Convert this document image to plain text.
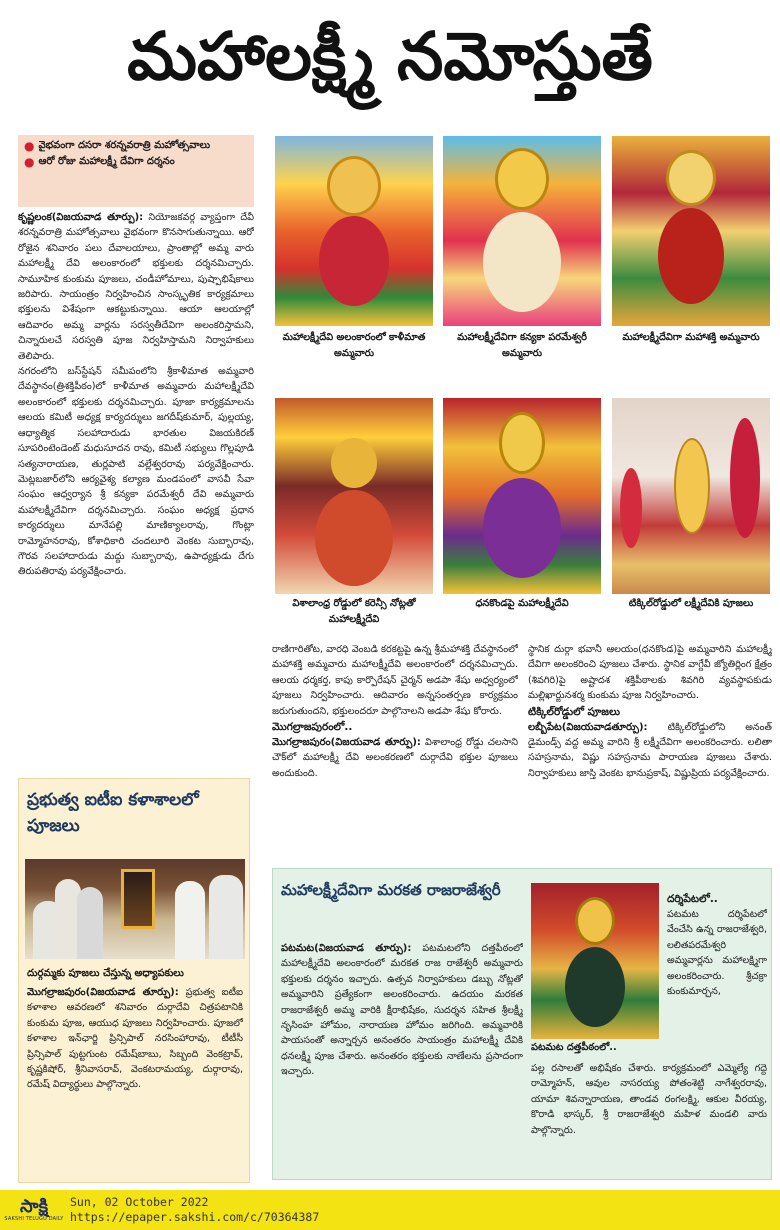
మహాలక్ష్మీ నమోస్తుతే
● వైభవంగా దసరా శరన్నవరాత్రి మహోత్సవాలు
● ఆరో రోజు మహాలక్ష్మీ దేవిగా దర్శనం

కృష్ణలంక(విజయవాడ తూర్పు): నియోజకవర్గ వ్యాప్తంగా దేవీ శరన్నవరాత్రి మహోత్సవాలు వైభవంగా కొనసాగుతున్నాయి. ఆరో రోజైన శనివారం పలు దేవాలయాలు, ప్రాంతాల్లో అమ్మ వారు మహాలక్ష్మీ దేవి అలంకారంలో భక్తులకు దర్శనమిచ్చారు. సామూహిక కుంకుమ పూజలు, చండీహోమాలు, పుష్పాభిషేకాలు జరిపారు. సాయంత్రం నిర్వహించిన సాంస్కృతిక కార్యక్రమాలు భక్తులను విశేషంగా ఆకట్టుకున్నాయి. ఆయా ఆలయాల్లో ఆదివారం అమ్మ వార్లను సరస్వతీదేవిగా అలంకరిస్తామని, చిన్నారులచే సరస్వతి పూజ నిర్వహిస్తామని నిర్వాహకులు తెలిపారు.

నగరంలోని బస్‌స్టేషన్ సమీపంలోని శ్రీకాళీమాత అమ్మవారి దేవస్థానం(త్రిశక్తిపీఠం)లో కాళీమాత అమ్మవారు మహాలక్ష్మీదేవి అలంకారంలో భక్తులకు దర్శనమిచ్చారు. పూజా కార్యక్రమాలను ఆలయ కమిటీ అధ్యక్ష కార్యదర్శులు జగదీష్‌కుమార్, పుల్లయ్య, ఆధ్యాత్మిక సలహాదారుడు భారతుల విజయకిరణ్ సూపరింటెండెంట్ మధుసూదన రావు, కమిటీ సభ్యులు గొల్లపూడి సత్యనారాయణ, తుర్లపాటి వల్లేశ్వరరావు పర్యవేక్షించారు. మెట్లబజార్‌లోని ఆర్యవైశ్య కల్యాణ మండపంలో వాసవీ సేవా సంఘం ఆధ్వర్యాన శ్రీ కన్యకా పరమేశ్వరీ దేవి అమ్మవారు మహాలక్ష్మీదేవిగా దర్శనమిచ్చారు. సంఘం అధ్యక్ష ప్రధాన కార్యదర్శులు మానేపల్లి మాణిక్యాలరావు, గొంట్లా రామ్మోహనరావు, కోశాధికారి చందలూరి వెంకట సుబ్బారావు, గౌరవ సలహాదారుడు మద్దు సుబ్బారావు, ఉపాధ్యక్షుడు దేగు తిరుపతిరావు పర్యవేక్షించారు.

ప్రభుత్వ ఐటీఐ కళాశాలలో పూజలు
దుర్గమ్మకు పూజలు చేస్తున్న అధ్యాపకులు
మొగల్రాజపురం(విజయవాడ తూర్పు): ప్రభుత్వ ఐటీఐ కళాశాల ఆవరణలో శనివారం దుర్గాదేవి చిత్రపటానికి కుంకుమ పూజ, ఆయుధ పూజలు నిర్వహించారు. పూజలో కళాశాల ఇన్‌ఛార్జి ప్రిన్సిపాల్ నరసింహారావు, టీటీసీ ప్రిన్సిపాల్ పుట్టగుంట రమేష్‌బాబు, సిబ్బంది వెంకట్రావ్, కృష్ణకిషోర్, శ్రీనివాసరావ్, వెంకటరామయ్య, దుర్గారావు, రమేష్ విద్యార్థులు పాల్గొన్నారు.
మహాలక్ష్మీదేవి అలంకారంలో కాళీమాత అమ్మవారు
మహాలక్ష్మీదేవిగా కన్యకా పరమేశ్వరీ అమ్మవారు
మహాలక్ష్మీదేవిగా మహాశక్తి అమ్మవారు
విశాలాంధ్ర రోడ్డులో కరెన్సీ నోట్లతో మహాలక్ష్మీదేవి
ధనకొండపై మహాలక్ష్మీదేవి	టిక్కిల్‌రోడ్డులో లక్ష్మీదేవికి పూజలు

రాణిగారితోట, వారధి వెంబడి కరకట్టపై ఉన్న శ్రీమహాశక్తి దేవస్థానంలో మహాశక్తి అమ్మవారు మహాలక్ష్మీదేవి అలంకారంలో దర్శనమిచ్చారు. ఆలయ ధర్మకర్త, కాపు కార్పొరేషన్ చైర్మన్ అడపా శేషు అధ్వర్యంలో పూజలు నిర్వహించారు. ఆదివారం అన్నసంతర్పణ కార్యక్రమం జరుగుతుందని, భక్తులందరూ పాల్గొనాలని అడపా శేషు కోరారు.

మొగల్రాజపురంలో..

మొగల్రాజపురం(విజయవాడ తూర్పు): విశాలాంధ్ర రోడ్డు చలసాని చౌక్‌లో మహాలక్ష్మీ దేవి అలంకరణలో దుర్గాదేవి భక్తుల పూజలు అందుకుంది.

స్థానిక దుర్గా భవానీ ఆలయం(ధనకొండ)పై అమ్మవారిని మహాలక్ష్మీ దేవిగా అలంకరించి పూజలు చేశారు. స్థానిక వాగ్దేవీ జ్యోతిర్లింగ క్షేత్రం (శివగిరి)పై అష్టాదశ శక్తిపీఠాలకు శివగిరి వ్యవస్థాపకుడు మల్లిఖార్జునశర్మ కుంకుమ పూజ నిర్వహించారు.

టిక్కిల్‌రోడ్డులో పూజలు

లబ్బీపేట(విజయవాడతూర్పు): టిక్కిల్‌రోడ్డులోని అనంత్ డైమండ్స్ వద్ద అమ్మ వారిని శ్రీ లక్ష్మీదేవిగా అలంకరించారు. లలితా సహస్రనామ, విష్ణు సహస్రనామ పారాయణ పూజలు చేశారు. నిర్వాహకులు జాస్తి వెంకట భానుప్రకాష్, విష్ణుప్రియ పర్యవేక్షించారు.

మహాలక్ష్మీదేవిగా మరకత రాజరాజేశ్వరీ
పటమట(విజయవాడ తూర్పు): పటమటలోని దత్తపీఠంలో మహాలక్ష్మీదేవి అలంకారంలో మరకత రాజ రాజేశ్వరీ అమ్మవారు భక్తులకు దర్శనం ఇచ్చారు. ఉత్సవ నిర్వాహకులు డబ్బు నోట్లతో అమ్మవారిని ప్రత్యేకంగా అలంకరించారు. ఉదయం మరకత రాజరాజేశ్వరీ అమ్మ వారికి క్షీరాభిషేకం, సుదర్శన సహిత శ్రీలక్ష్మీ నృసింహ హోమం, నారాయణ హోమం జరిగింది. అమ్మవారికి పాయసంతో అన్నార్చన అనంతరం సాయంత్రం మహాలక్ష్మీ దేవికి ధనలక్ష్మీ పూజ చేశారు. అనంతరం భక్తులకు నాణేలను ప్రసాదంగా ఇచ్చారు.
పటమట దత్తపీఠంలో..
దర్శిపేటలో..

పటమట దర్శిపేటలో వేంచేసి ఉన్న రాజరాజేశ్వరి, లలితపరమేశ్వరి అమ్మవార్లను మహాలక్ష్మిగా అలంకరించారు. శ్రీచక్రా కుంకుమార్చన,

పల్ల రసాలతో అభిషేకం చేశారు. కార్యక్రమంలో ఎమ్మెల్యే గద్దె రామ్మోహన్, ఆవుల నాసరయ్య పోతంశెట్టి నాగేశ్వరరావు, యామా శివన్నారాయణ, తాండవ రంగలక్ష్మి, ఆకుల వీరయ్య, కొరాడి భాస్కర్, శ్రీ రాజరాజేశ్వరి మహిళ మండలి వారు పాల్గొన్నారు.
సాక్షి
SAKSHI TELUGU DAILY
Sun, 02 October 2022
https://epaper.sakshi.com/c/70364387
